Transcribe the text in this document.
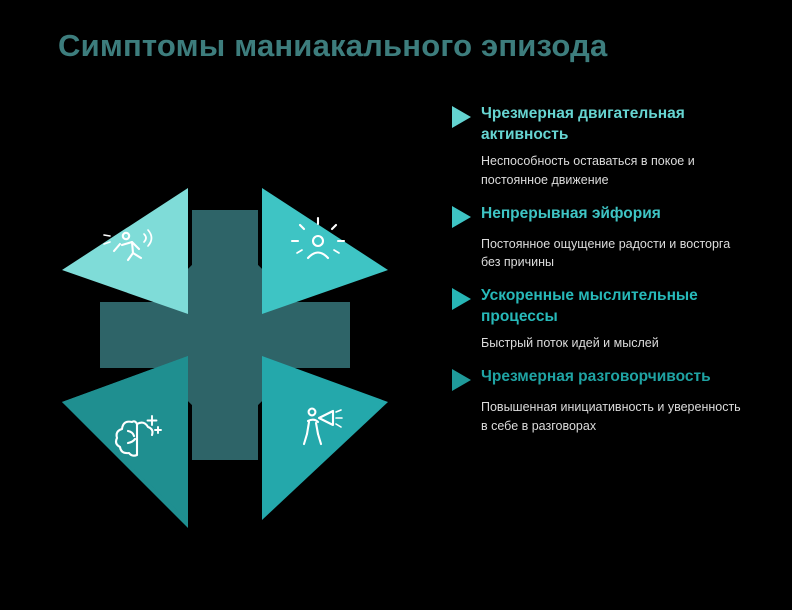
Симптомы маниакального эпизода
Чрезмерная двигательная активность
Неспособность оставаться в покое и постоянное движение
Непрерывная эйфория
Постоянное ощущение радости и восторга без причины
Ускоренные мыслительные процессы
Быстрый поток идей и мыслей
Чрезмерная разговорчивость
Повышенная инициативность и уверенность в себе в разговорах
